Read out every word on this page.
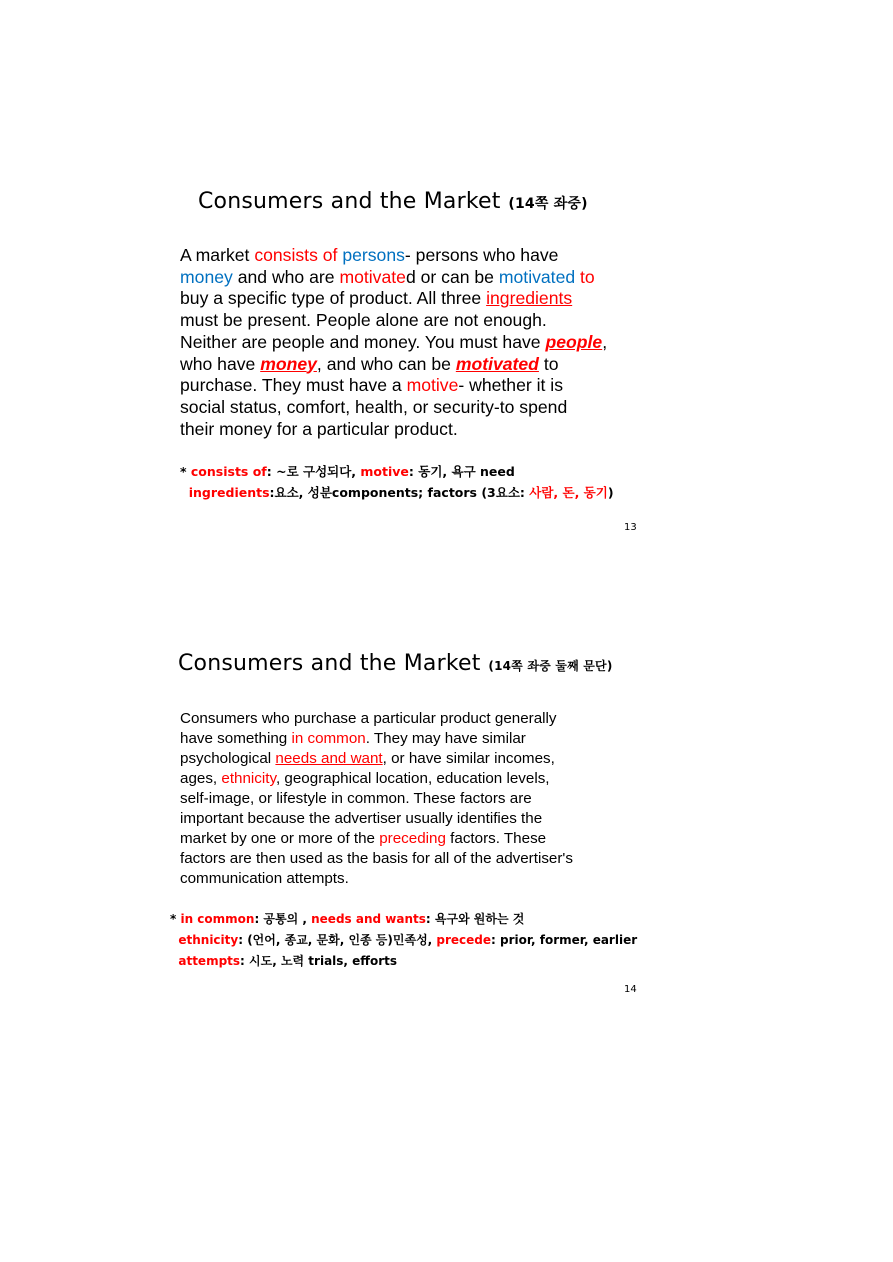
Consumers and the Market (14쪽 좌중)

A market consists of persons- persons who have
money and who are motivated or can be motivated to
buy a specific type of product. All three ingredients
must be present. People alone are not enough.
Neither are people and money. You must have people,
who have money, and who can be motivated to
purchase. They must have a motive- whether it is
social status, comfort, health, or security-to spend
their money for a particular product.

* consists of: ~로 구성되다, motive: 동기, 욕구 need
ingredients:요소, 성분components; factors (3요소: 사람, 돈, 동기)
13
Consumers and the Market (14쪽 좌중 둘째 문단)

Consumers who purchase a particular product generally
have something in common. They may have similar
psychological needs and want, or have similar incomes,
ages, ethnicity, geographical location, education levels,
self-image, or lifestyle in common. These factors are
important because the advertiser usually identifies the
market by one or more of the preceding factors. These
factors are then used as the basis for all of the advertiser's
communication attempts.

* in common: 공통의 , needs and wants: 욕구와 원하는 것
ethnicity: (언어, 종교, 문화, 인종 등)민족성, precede: prior, former, earlier
attempts: 시도, 노력 trials, efforts
14
